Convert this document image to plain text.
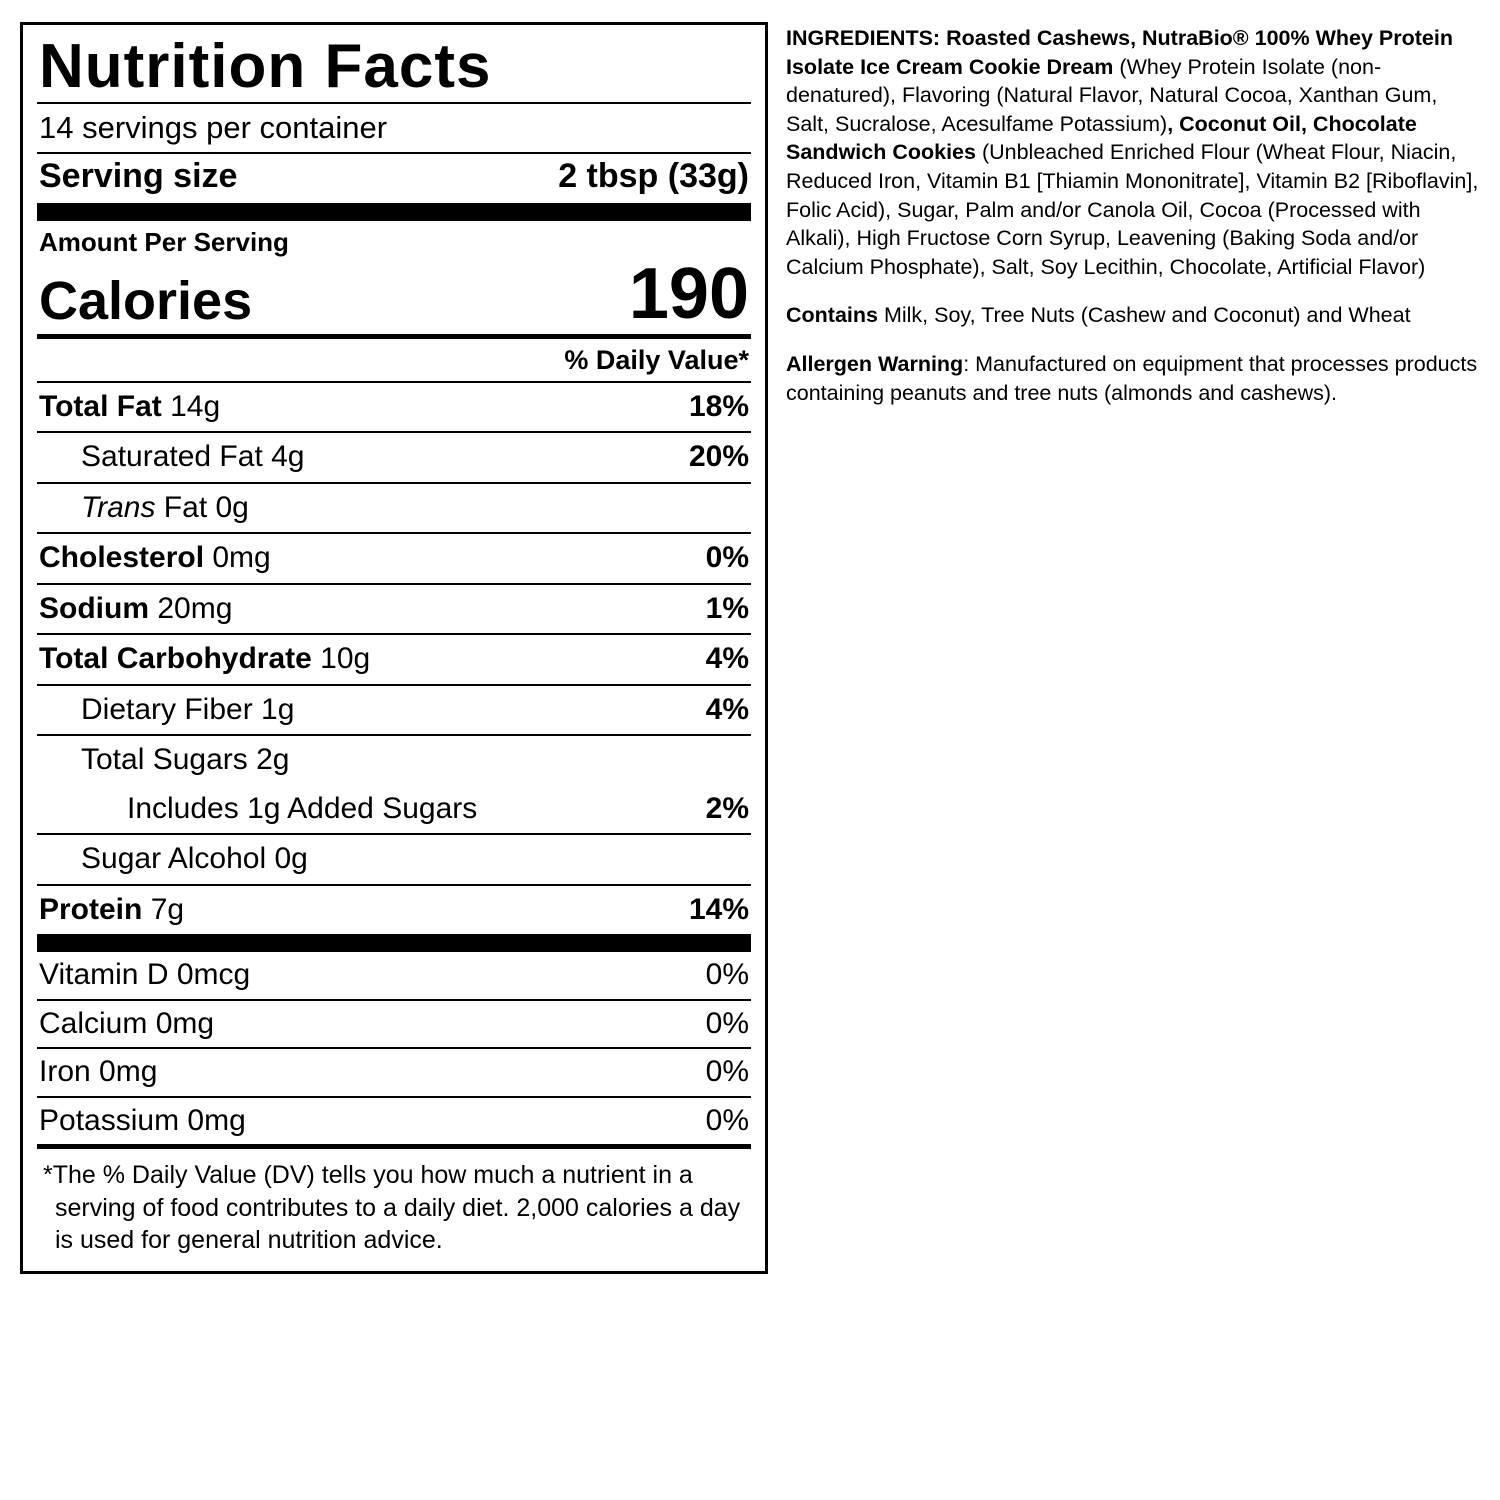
Nutrition Facts
14 servings per container
Serving size	2 tbsp (33g)
Amount Per Serving
Calories	190
% Daily Value*
Total Fat 14g	18%
Saturated Fat 4g	20%
Trans Fat 0g
Cholesterol 0mg	0%
Sodium 20mg	1%
Total Carbohydrate 10g	4%
Dietary Fiber 1g	4%
Total Sugars 2g
Includes 1g Added Sugars	2%
Sugar Alcohol 0g
Protein 7g	14%
Vitamin D 0mcg	0%
Calcium 0mg	0%
Iron 0mg	0%
Potassium 0mg	0%
*The % Daily Value (DV) tells you how much a nutrient in a serving of food contributes to a daily diet. 2,000 calories a day is used for general nutrition advice.

INGREDIENTS: Roasted Cashews, NutraBio® 100% Whey Protein Isolate Ice Cream Cookie Dream (Whey Protein Isolate (non-denatured), Flavoring (Natural Flavor, Natural Cocoa, Xanthan Gum, Salt, Sucralose, Acesulfame Potassium), Coconut Oil, Chocolate Sandwich Cookies (Unbleached Enriched Flour (Wheat Flour, Niacin, Reduced Iron, Vitamin B1 [Thiamin Mononitrate], Vitamin B2 [Riboflavin], Folic Acid), Sugar, Palm and/or Canola Oil, Cocoa (Processed with Alkali), High Fructose Corn Syrup, Leavening (Baking Soda and/or Calcium Phosphate), Salt, Soy Lecithin, Chocolate, Artificial Flavor)

Contains Milk, Soy, Tree Nuts (Cashew and Coconut) and Wheat

Allergen Warning: Manufactured on equipment that processes products containing peanuts and tree nuts (almonds and cashews).
